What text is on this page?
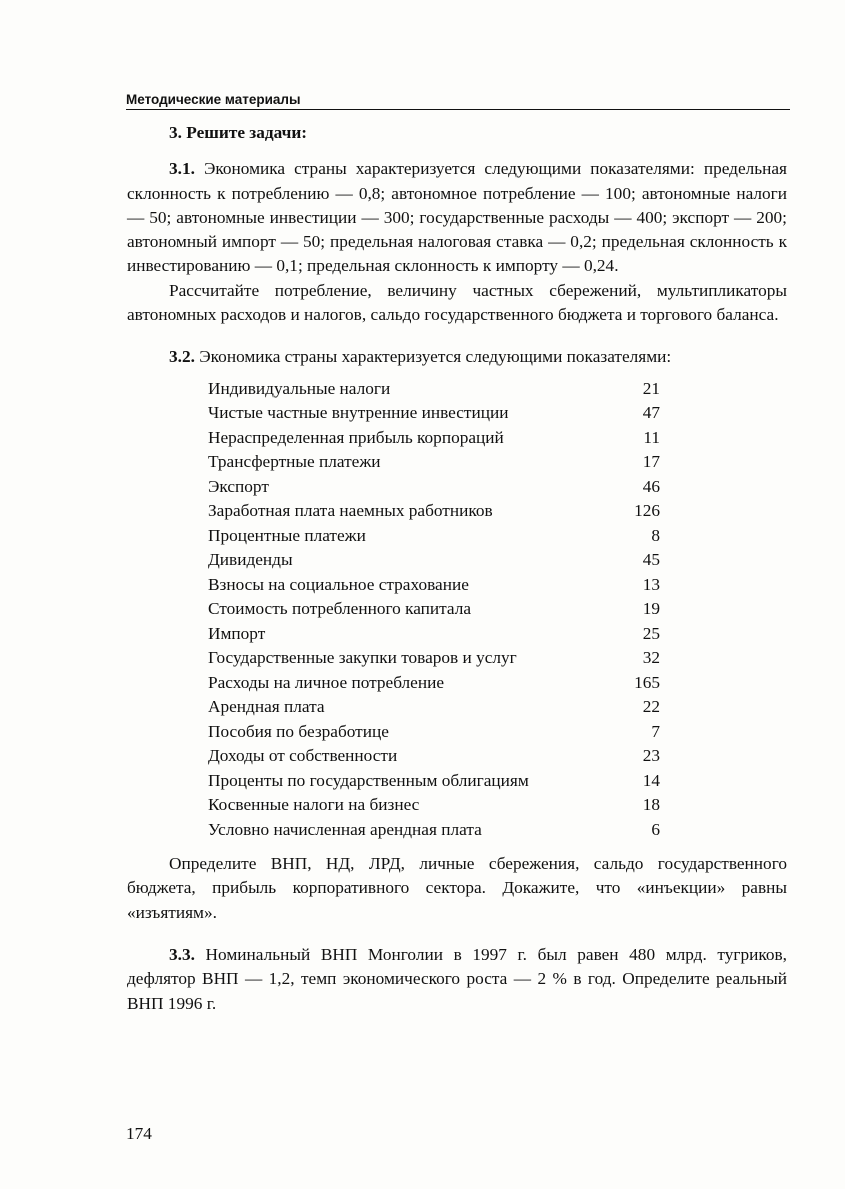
Методические материалы
3. Решите задачи:

3.1. Экономика страны характеризуется следующими показателями: предельная склонность к потреблению — 0,8; автономное потребление — 100; автономные налоги — 50; автономные инвестиции — 300; государственные расходы — 400; экспорт — 200; автономный импорт — 50; предельная налоговая ставка — 0,2; предельная склонность к инвестированию — 0,1; предельная склонность к импорту — 0,24.

Рассчитайте потребление, величину частных сбережений, мультипликаторы автономных расходов и налогов, сальдо государственного бюджета и торгового баланса.

3.2. Экономика страны характеризуется следующими показателями:

Индивидуальные налоги	21
Чистые частные внутренние инвестиции	47
Нераспределенная прибыль корпораций	11
Трансфертные платежи	17
Экспорт	46
Заработная плата наемных работников	126
Процентные платежи	8
Дивиденды	45
Взносы на социальное страхование	13
Стоимость потребленного капитала	19
Импорт	25
Государственные закупки товаров и услуг	32
Расходы на личное потребление	165
Арендная плата	22
Пособия по безработице	7
Доходы от собственности	23
Проценты по государственным облигациям	14
Косвенные налоги на бизнес	18
Условно начисленная арендная плата	6

Определите ВНП, НД, ЛРД, личные сбережения, сальдо государственного бюджета, прибыль корпоративного сектора. Докажите, что «инъекции» равны «изъятиям».

3.3. Номинальный ВНП Монголии в 1997 г. был равен 480 млрд. тугриков, дефлятор ВНП — 1,2, темп экономического роста — 2 % в год. Определите реальный ВНП 1996 г.

174
